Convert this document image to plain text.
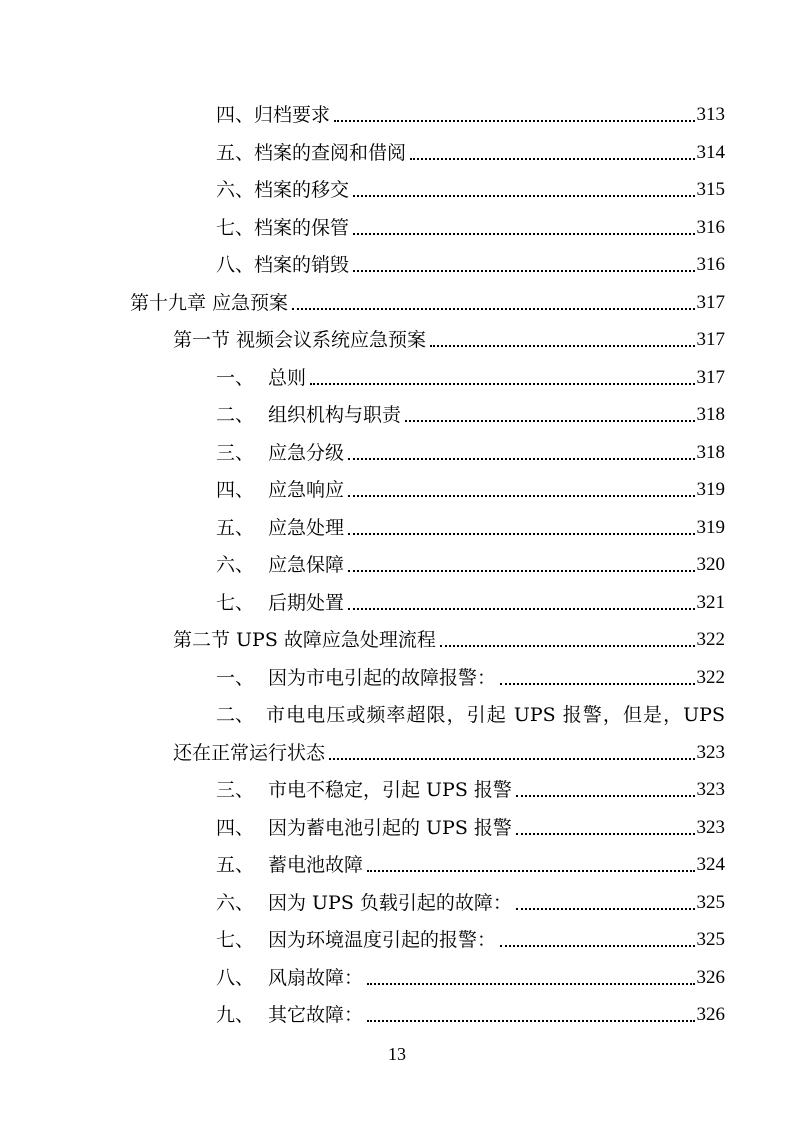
四、归档要求	313
五、档案的查阅和借阅	314
六、档案的移交	315
七、档案的保管	316
八、档案的销毁	316
第十九章 应急预案	317
第一节 视频会议系统应急预案	317
一、 总则	317
二、 组织机构与职责	318
三、 应急分级	318
四、 应急响应	319
五、 应急处理	319
六、 应急保障	320
七、 后期处置	321
第二节 UPS 故障应急处理流程	322
一、 因为市电引起的故障报警：	322
二、 市电电压或频率超限，引起 UPS 报警，但是，UPS
还在正常运行状态	323
三、 市电不稳定，引起 UPS 报警	323
四、 因为蓄电池引起的 UPS 报警	323
五、 蓄电池故障	324
六、 因为 UPS 负载引起的故障：	325
七、 因为环境温度引起的报警：	325
八、 风扇故障：	326
九、 其它故障：	326
13
